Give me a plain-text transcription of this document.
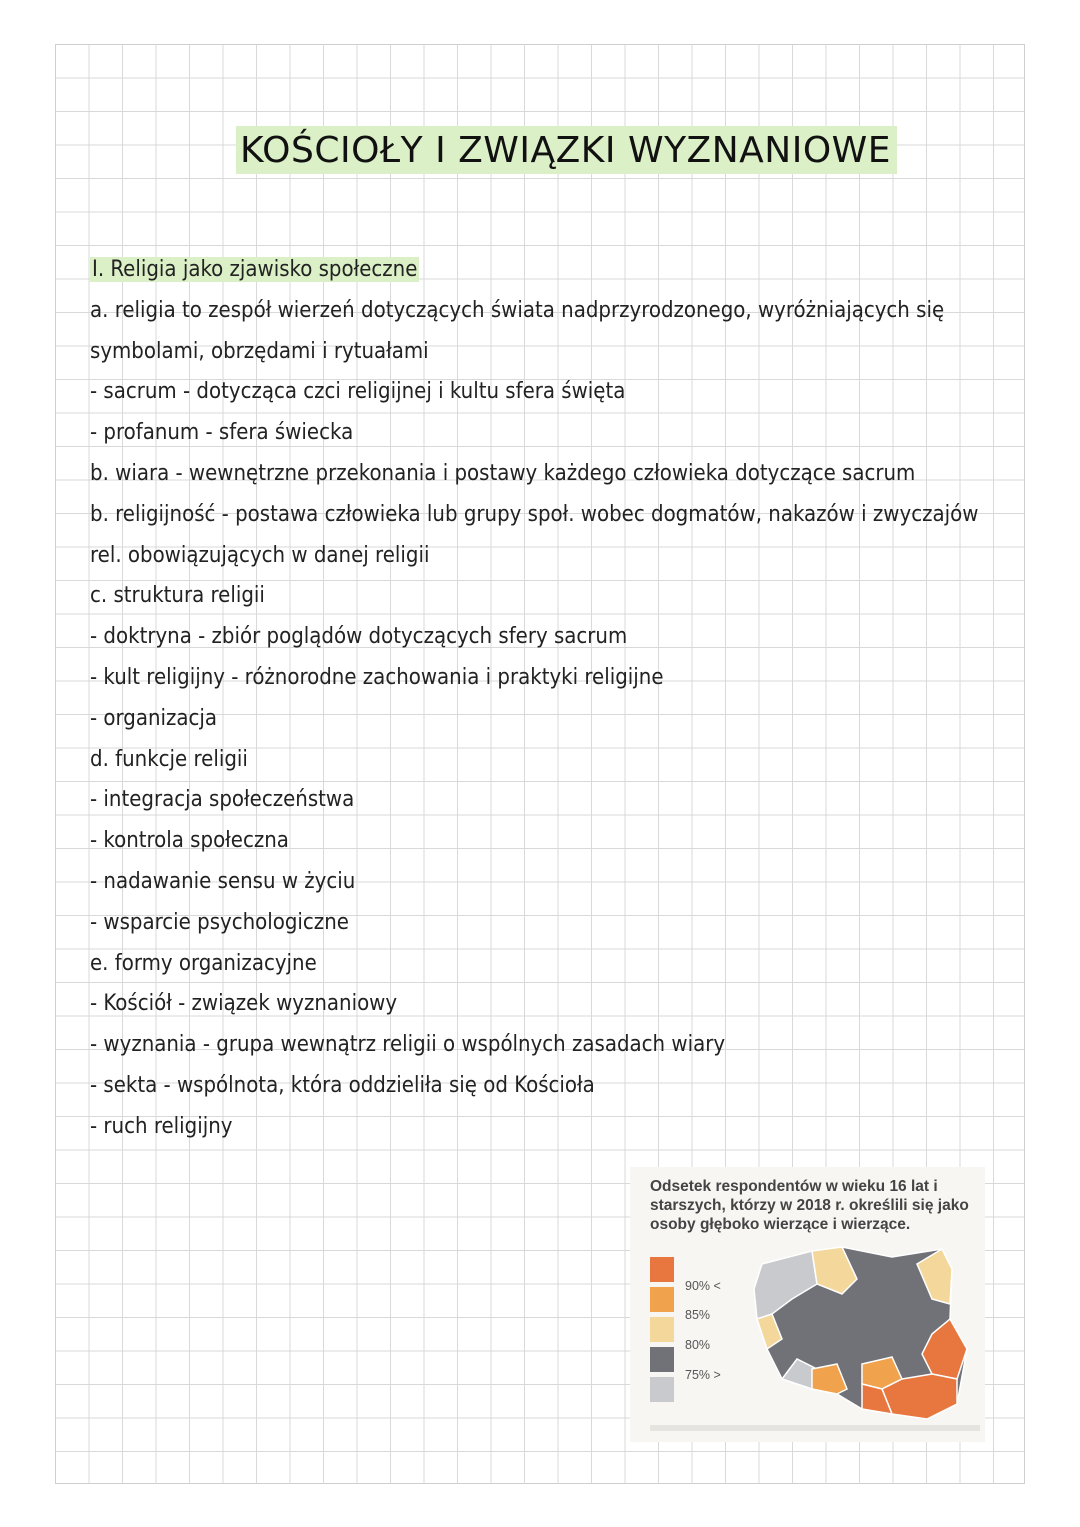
KOŚCIOŁY I ZWIĄZKI WYZNANIOWE
I. Religia jako zjawisko społeczne
a. religia to zespół wierzeń dotyczących świata nadprzyrodzonego, wyróżniających się
symbolami, obrzędami i rytuałami
- sacrum - dotycząca czci religijnej i kultu sfera święta
- profanum - sfera świecka
b. wiara - wewnętrzne przekonania i postawy każdego człowieka dotyczące sacrum
b. religijność - postawa człowieka lub grupy społ. wobec dogmatów, nakazów i zwyczajów
rel. obowiązujących w danej religii
c. struktura religii
- doktryna - zbiór poglądów dotyczących sfery sacrum
- kult religijny - różnorodne zachowania i praktyki religijne
- organizacja
d. funkcje religii
- integracja społeczeństwa
- kontrola społeczna
- nadawanie sensu w życiu
- wsparcie psychologiczne
e. formy organizacyjne
- Kościół - związek wyznaniowy
- wyznania - grupa wewnątrz religii o wspólnych zasadach wiary
- sekta - wspólnota, która oddzieliła się od Kościoła
- ruch religijny
Odsetek respondentów w wieku 16 lat i starszych, którzy w 2018 r. określili się jako osoby głęboko wierzące i wierzące.
90% <
85%
80%
75% >
